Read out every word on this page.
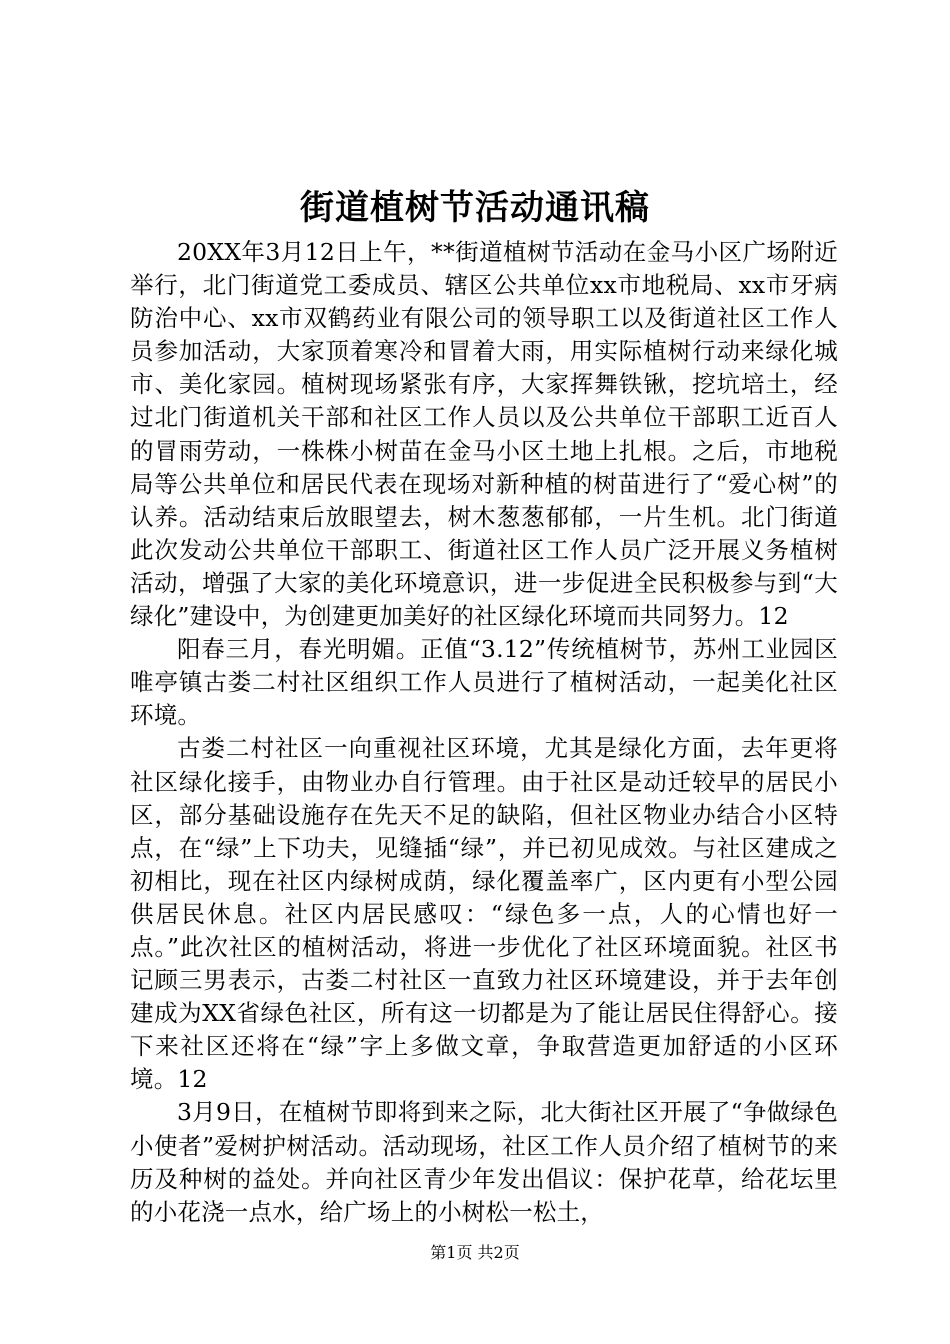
街道植树节活动通讯稿

20XX年3月12日上午，**街道植树节活动在金马小区广场附近举行，北门街道党工委成员、辖区公共单位xx市地税局、xx市牙病防治中心、xx市双鹤药业有限公司的领导职工以及街道社区工作人员参加活动，大家顶着寒冷和冒着大雨，用实际植树行动来绿化城市、美化家园。植树现场紧张有序，大家挥舞铁锹，挖坑培土，经过北门街道机关干部和社区工作人员以及公共单位干部职工近百人的冒雨劳动，一株株小树苗在金马小区土地上扎根。之后，市地税局等公共单位和居民代表在现场对新种植的树苗进行了“爱心树”的认养。活动结束后放眼望去，树木葱葱郁郁，一片生机。北门街道此次发动公共单位干部职工、街道社区工作人员广泛开展义务植树活动，增强了大家的美化环境意识，进一步促进全民积极参与到“大绿化”建设中，为创建更加美好的社区绿化环境而共同努力。12

阳春三月，春光明媚。正值“3.12”传统植树节，苏州工业园区唯亭镇古娄二村社区组织工作人员进行了植树活动，一起美化社区环境。

古娄二村社区一向重视社区环境，尤其是绿化方面，去年更将社区绿化接手，由物业办自行管理。由于社区是动迁较早的居民小区，部分基础设施存在先天不足的缺陷，但社区物业办结合小区特点，在“绿”上下功夫，见缝插“绿”，并已初见成效。与社区建成之初相比，现在社区内绿树成荫，绿化覆盖率广，区内更有小型公园供居民休息。社区内居民感叹：“绿色多一点，人的心情也好一点。”此次社区的植树活动，将进一步优化了社区环境面貌。社区书记顾三男表示，古娄二村社区一直致力社区环境建设，并于去年创建成为XX省绿色社区，所有这一切都是为了能让居民住得舒心。接下来社区还将在“绿”字上多做文章，争取营造更加舒适的小区环境。12

3月9日，在植树节即将到来之际，北大街社区开展了“争做绿色小使者”爱树护树活动。活动现场，社区工作人员介绍了植树节的来历及种树的益处。并向社区青少年发出倡议：保护花草，给花坛里的小花浇一点水，给广场上的小树松一松土，

第1页 共2页
